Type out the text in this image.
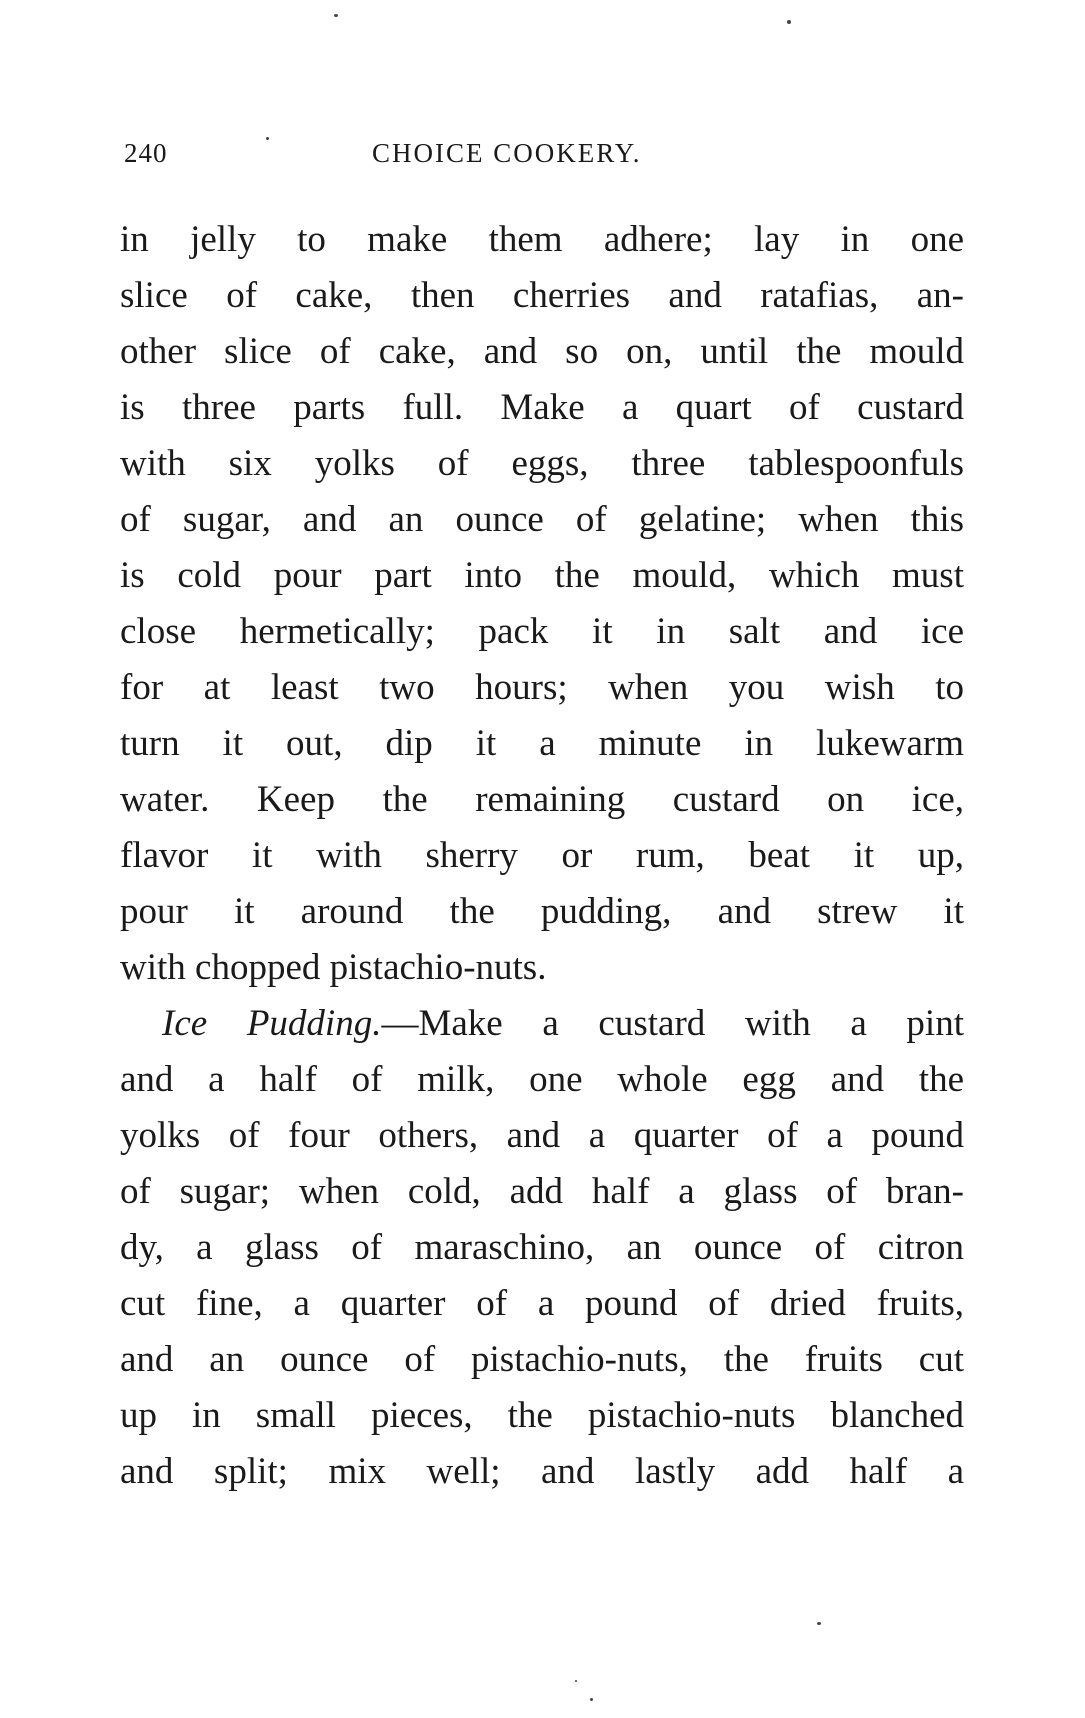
240	CHOICE COOKERY.
in jelly to make them adhere; lay in one
slice of cake, then cherries and ratafias, an-
other slice of cake, and so on, until the mould
is three parts full. Make a quart of custard
with six yolks of eggs, three tablespoonfuls
of sugar, and an ounce of gelatine; when this
is cold pour part into the mould, which must
close hermetically; pack it in salt and ice
for at least two hours; when you wish to
turn it out, dip it a minute in lukewarm
water. Keep the remaining custard on ice,
flavor it with sherry or rum, beat it up,
pour it around the pudding, and strew it
with chopped pistachio-nuts.
Ice Pudding.—Make a custard with a pint
and a half of milk, one whole egg and the
yolks of four others, and a quarter of a pound
of sugar; when cold, add half a glass of bran-
dy, a glass of maraschino, an ounce of citron
cut fine, a quarter of a pound of dried fruits,
and an ounce of pistachio-nuts, the fruits cut
up in small pieces, the pistachio-nuts blanched
and split; mix well; and lastly add half a
